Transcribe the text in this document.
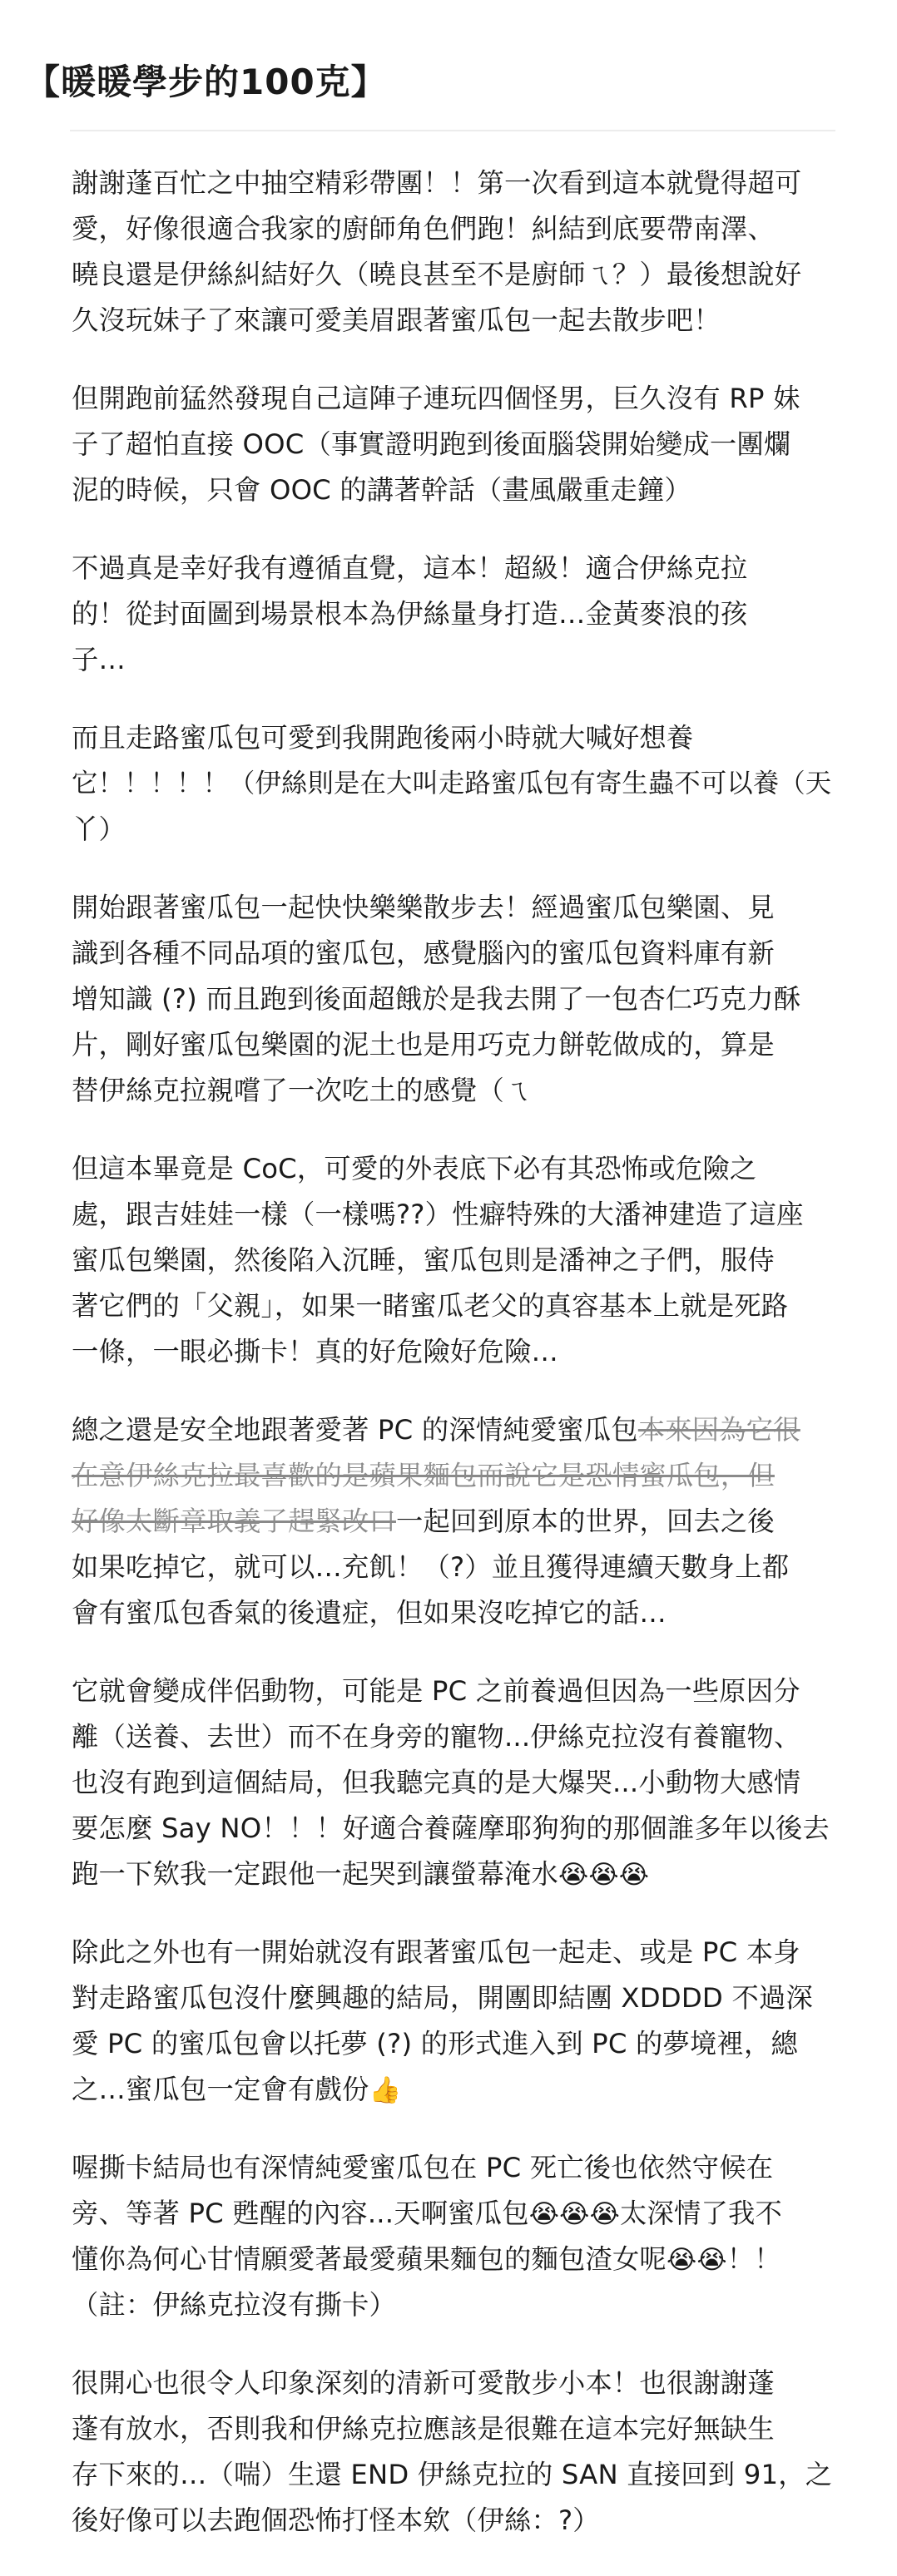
【暖暖學步的100克】
謝謝蓬百忙之中抽空精彩帶團！！第一次看到這本就覺得超可
愛，好像很適合我家的廚師角色們跑！糾結到底要帶南澤、
曉良還是伊絲糾結好久（曉良甚至不是廚師ㄟ？）最後想說好
久沒玩妹子了來讓可愛美眉跟著蜜瓜包一起去散步吧！
但開跑前猛然發現自己這陣子連玩四個怪男，巨久沒有 RP 妹
子了超怕直接 OOC（事實證明跑到後面腦袋開始變成一團爛
泥的時候，只會 OOC 的講著幹話（畫風嚴重走鐘）
不過真是幸好我有遵循直覺，這本！超級！適合伊絲克拉
的！從封面圖到場景根本為伊絲量身打造…金黃麥浪的孩
子…
而且走路蜜瓜包可愛到我開跑後兩小時就大喊好想養
它！！！！！（伊絲則是在大叫走路蜜瓜包有寄生蟲不可以養（天
丫）
開始跟著蜜瓜包一起快快樂樂散步去！經過蜜瓜包樂園、見
識到各種不同品項的蜜瓜包，感覺腦內的蜜瓜包資料庫有新
增知識 (?) 而且跑到後面超餓於是我去開了一包杏仁巧克力酥
片，剛好蜜瓜包樂園的泥土也是用巧克力餅乾做成的，算是
替伊絲克拉親嚐了一次吃土的感覺（ㄟ
但這本畢竟是 CoC，可愛的外表底下必有其恐怖或危險之
處，跟吉娃娃一樣（一樣嗎??）性癖特殊的大潘神建造了這座
蜜瓜包樂園，然後陷入沉睡，蜜瓜包則是潘神之子們，服侍
著它們的「父親」，如果一睹蜜瓜老父的真容基本上就是死路
一條，一眼必撕卡！真的好危險好危險…
總之還是安全地跟著愛著 PC 的深情純愛蜜瓜包本來因為它很
在意伊絲克拉最喜歡的是蘋果麵包而說它是恐情蜜瓜包，但
好像太斷章取義了趕緊改口一起回到原本的世界，回去之後
如果吃掉它，就可以…充飢！（?）並且獲得連續天數身上都
會有蜜瓜包香氣的後遺症，但如果沒吃掉它的話…
它就會變成伴侶動物，可能是 PC 之前養過但因為一些原因分
離（送養、去世）而不在身旁的寵物...伊絲克拉沒有養寵物、
也沒有跑到這個結局，但我聽完真的是大爆哭...小動物大感情
要怎麼 Say NO！！！好適合養薩摩耶狗狗的那個誰多年以後去
跑一下欸我一定跟他一起哭到讓螢幕淹水😭😭😭
除此之外也有一開始就沒有跟著蜜瓜包一起走、或是 PC 本身
對走路蜜瓜包沒什麼興趣的結局，開團即結團 XDDDD 不過深
愛 PC 的蜜瓜包會以托夢 (?) 的形式進入到 PC 的夢境裡，總
之…蜜瓜包一定會有戲份👍
喔撕卡結局也有深情純愛蜜瓜包在 PC 死亡後也依然守候在
旁、等著 PC 甦醒的內容...天啊蜜瓜包😭😭😭太深情了我不
懂你為何心甘情願愛著最愛蘋果麵包的麵包渣女呢😭😭！！
（註：伊絲克拉沒有撕卡）
很開心也很令人印象深刻的清新可愛散步小本！也很謝謝蓬
蓬有放水，否則我和伊絲克拉應該是很難在這本完好無缺生
存下來的…（喘）生還 END 伊絲克拉的 SAN 直接回到 91，之
後好像可以去跑個恐怖打怪本欸（伊絲：?）
